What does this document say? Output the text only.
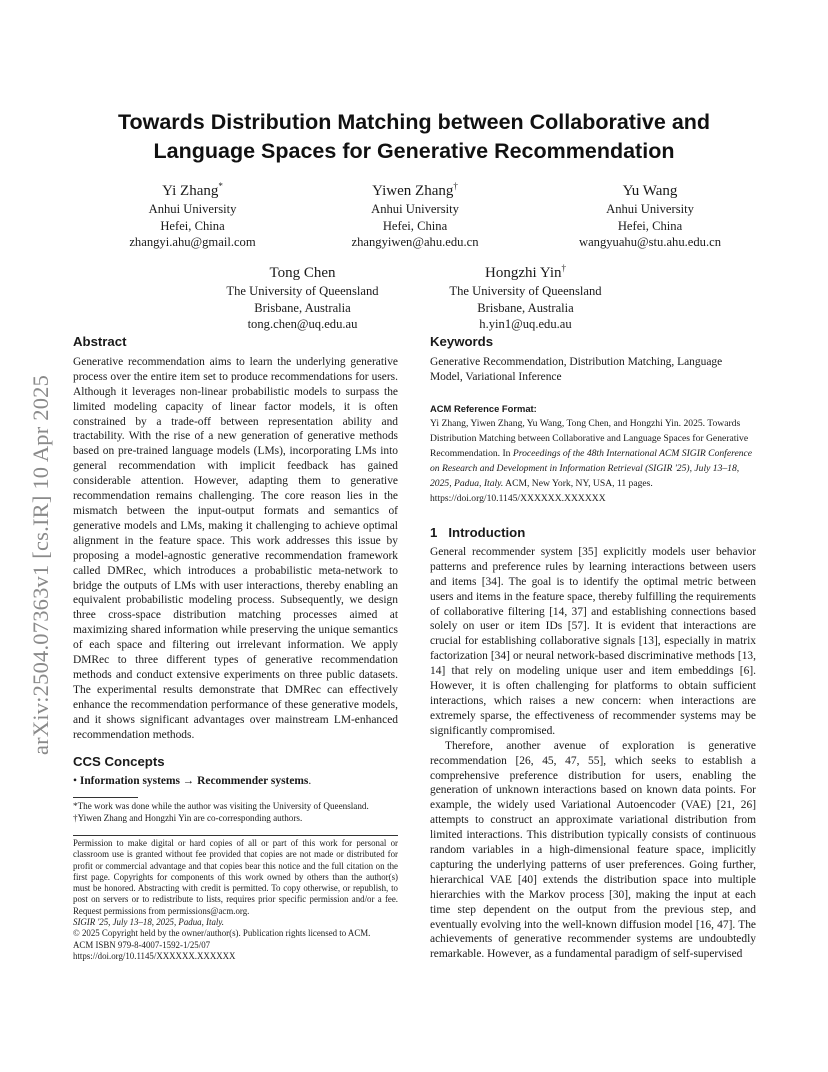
arXiv:2504.07363v1 [cs.IR] 10 Apr 2025
Towards Distribution Matching between Collaborative and
Language Spaces for Generative Recommendation
Yi Zhang*
Anhui University
Hefei, China
zhangyi.ahu@gmail.com
Yiwen Zhang†
Anhui University
Hefei, China
zhangyiwen@ahu.edu.cn
Yu Wang
Anhui University
Hefei, China
wangyuahu@stu.ahu.edu.cn
Tong Chen
The University of Queensland
Brisbane, Australia
tong.chen@uq.edu.au
Hongzhi Yin†
The University of Queensland
Brisbane, Australia
h.yin1@uq.edu.au
Abstract

Generative recommendation aims to learn the underlying generative process over the entire item set to produce recommendations for users. Although it leverages non-linear probabilistic models to surpass the limited modeling capacity of linear factor models, it is often constrained by a trade-off between representation ability and tractability. With the rise of a new generation of generative methods based on pre-trained language models (LMs), incorporating LMs into general recommendation with implicit feedback has gained considerable attention. However, adapting them to generative recommendation remains challenging. The core reason lies in the mismatch between the input-output formats and semantics of generative models and LMs, making it challenging to achieve optimal alignment in the feature space. This work addresses this issue by proposing a model-agnostic generative recommendation framework called DMRec, which introduces a probabilistic meta-network to bridge the outputs of LMs with user interactions, thereby enabling an equivalent probabilistic modeling process. Subsequently, we design three cross-space distribution matching processes aimed at maximizing shared information while preserving the unique semantics of each space and filtering out irrelevant information. We apply DMRec to three different types of generative recommendation methods and conduct extensive experiments on three public datasets. The experimental results demonstrate that DMRec can effectively enhance the recommendation performance of these generative models, and it shows significant advantages over mainstream LM-enhanced recommendation methods.

CCS Concepts
• Information systems → Recommender systems.
*The work was done while the author was visiting the University of Queensland.
†Yiwen Zhang and Hongzhi Yin are co-corresponding authors.

Permission to make digital or hard copies of all or part of this work for personal or classroom use is granted without fee provided that copies are not made or distributed for profit or commercial advantage and that copies bear this notice and the full citation on the first page. Copyrights for components of this work owned by others than the author(s) must be honored. Abstracting with credit is permitted. To copy otherwise, or republish, to post on servers or to redistribute to lists, requires prior specific permission and/or a fee. Request permissions from permissions@acm.org.

SIGIR '25, July 13–18, 2025, Padua, Italy.
© 2025 Copyright held by the owner/author(s). Publication rights licensed to ACM.
ACM ISBN 979-8-4007-1592-1/25/07
https://doi.org/10.1145/XXXXXX.XXXXXX
Keywords

Generative Recommendation, Distribution Matching, Language Model, Variational Inference

ACM Reference Format:

Yi Zhang, Yiwen Zhang, Yu Wang, Tong Chen, and Hongzhi Yin. 2025. Towards Distribution Matching between Collaborative and Language Spaces for Generative Recommendation. In Proceedings of the 48th International ACM SIGIR Conference on Research and Development in Information Retrieval (SIGIR '25), July 13–18, 2025, Padua, Italy. ACM, New York, NY, USA, 11 pages. https://doi.org/10.1145/XXXXXX.XXXXXX

1 Introduction

General recommender system [35] explicitly models user behavior patterns and preference rules by learning interactions between users and items [34]. The goal is to identify the optimal metric between users and items in the feature space, thereby fulfilling the requirements of collaborative filtering [14, 37] and establishing connections based solely on user or item IDs [57]. It is evident that interactions are crucial for establishing collaborative signals [13], especially in matrix factorization [34] or neural network-based discriminative methods [13, 14] that rely on modeling unique user and item embeddings [6]. However, it is often challenging for platforms to obtain sufficient interactions, which raises a new concern: when interactions are extremely sparse, the effectiveness of recommender systems may be significantly compromised.

Therefore, another avenue of exploration is generative recommendation [26, 45, 47, 55], which seeks to establish a comprehensive preference distribution for users, enabling the generation of unknown interactions based on known data points. For example, the widely used Variational Autoencoder (VAE) [21, 26] attempts to construct an approximate variational distribution from limited interactions. This distribution typically consists of continuous random variables in a high-dimensional feature space, implicitly capturing the underlying patterns of user preferences. Going further, hierarchical VAE [40] extends the distribution space into multiple hierarchies with the Markov process [30], making the input at each time step dependent on the output from the previous step, and eventually evolving into the well-known diffusion model [16, 47]. The achievements of generative recommender systems are undoubtedly remarkable. However, as a fundamental paradigm of self-supervised
